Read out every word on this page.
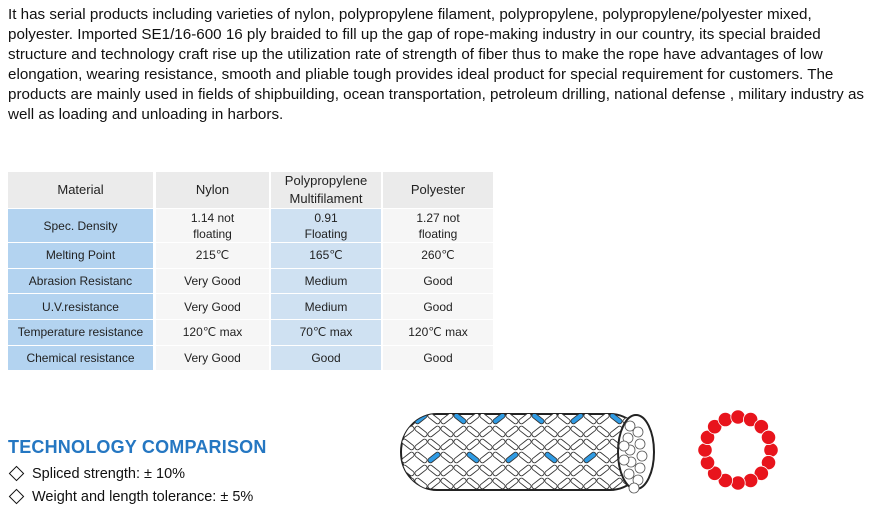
It has serial products including varieties of nylon, polypropylene filament, polypropylene, polypropylene/polyester mixed, polyester. Imported SE1/16-600 16 ply braided to fill up the gap of rope-making industry in our country, its special braided structure and technology craft rise up the utilization rate of strength of fiber thus to make the rope have advantages of low elongation, wearing resistance, smooth and pliable tough provides ideal product for special requirement for customers. The products are mainly used in fields of shipbuilding, ocean transportation, petroleum drilling, national defense , military industry as well as loading and unloading in harbors.

Material	Nylon	Polypropylene Multifilament	Polyester
Spec. Density	1.14 not floating	0.91 Floating	1.27 not floating

Melting Point	215℃	165℃	260℃
Abrasion Resistanc	Very Good	Medium	Good
U.V.resistance	Very Good	Medium	Good
Temperature resistance	120℃ max	70℃ max	120℃ max
Chemical resistance	Very Good	Good	Good
TECHNOLOGY COMPARISON
Spliced strength: ± 10%
Weight and length tolerance: ± 5%
